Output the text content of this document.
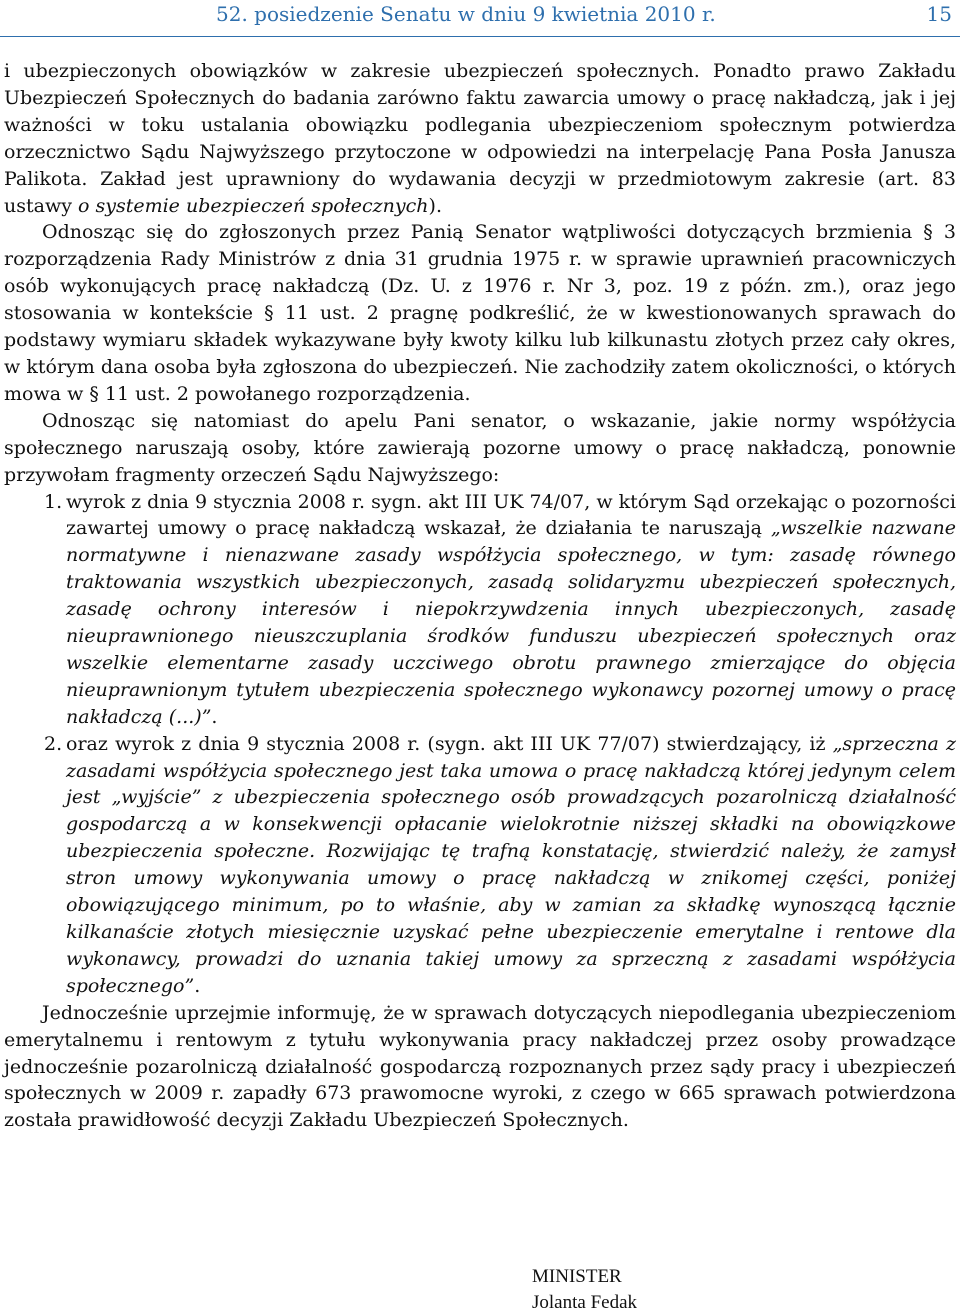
52. posiedzenie Senatu w dniu 9 kwietnia 2010 r.	15

i ubezpieczonych obowiązków w zakresie ubezpieczeń społecznych. Ponadto prawo Zakładu Ubezpieczeń Społecznych do badania zarówno faktu zawarcia umowy o pracę nakładczą, jak i jej ważności w toku ustalania obowiązku podlegania ubezpieczeniom społecznym potwierdza orzecznictwo Sądu Najwyższego przytoczone w odpowiedzi na interpelację Pana Posła Janusza Palikota. Zakład jest uprawniony do wydawania decyzji w przedmiotowym zakresie (art. 83 ustawy o systemie ubezpieczeń społecznych).

Odnosząc się do zgłoszonych przez Panią Senator wątpliwości dotyczących brzmienia § 3 rozporządzenia Rady Ministrów z dnia 31 grudnia 1975 r. w sprawie uprawnień pracowniczych osób wykonujących pracę nakładczą (Dz. U. z 1976 r. Nr 3, poz. 19 z późn. zm.), oraz jego stosowania w kontekście § 11 ust. 2 pragnę podkreślić, że w kwestionowanych sprawach do podstawy wymiaru składek wykazywane były kwoty kilku lub kilkunastu złotych przez cały okres, w którym dana osoba była zgłoszona do ubezpieczeń. Nie zachodziły zatem okoliczności, o których mowa w § 11 ust. 2 powołanego rozporządzenia.

Odnosząc się natomiast do apelu Pani senator, o wskazanie, jakie normy współżycia społecznego naruszają osoby, które zawierają pozorne umowy o pracę nakładczą, ponownie przywołam fragmenty orzeczeń Sądu Najwyższego:

1. wyrok z dnia 9 stycznia 2008 r. sygn. akt III UK 74/07, w którym Sąd orzekając o pozorności zawartej umowy o pracę nakładczą wskazał, że działania te naruszają „wszelkie nazwane normatywne i nienazwane zasady współżycia społecznego, w tym: zasadę równego traktowania wszystkich ubezpieczonych, zasadą solidaryzmu ubezpieczeń społecznych, zasadę ochrony interesów i niepokrzywdzenia innych ubezpieczonych, zasadę nieuprawnionego nieuszczuplania środków funduszu ubezpieczeń społecznych oraz wszelkie elementarne zasady uczciwego obrotu prawnego zmierzające do objęcia nieuprawnionym tytułem ubezpieczenia społecznego wykonawcy pozornej umowy o pracę nakładczą (...)”.

2. oraz wyrok z dnia 9 stycznia 2008 r. (sygn. akt III UK 77/07) stwierdzający, iż „sprzeczna z zasadami współżycia społecznego jest taka umowa o pracę nakładczą której jedynym celem jest „wyjście” z ubezpieczenia społecznego osób prowadzących pozarolniczą działalność gospodarczą a w konsekwencji opłacanie wielokrotnie niższej składki na obowiązkowe ubezpieczenia społeczne. Rozwijając tę trafną konstatację, stwierdzić należy, że zamysł stron umowy wykonywania umowy o pracę nakładczą w znikomej części, poniżej obowiązującego minimum, po to właśnie, aby w zamian za składkę wynoszącą łącznie kilkanaście złotych miesięcznie uzyskać pełne ubezpieczenie emerytalne i rentowe dla wykonawcy, prowadzi do uznania takiej umowy za sprzeczną z zasadami współżycia społecznego”.

Jednocześnie uprzejmie informuję, że w sprawach dotyczących niepodlegania ubezpieczeniom emerytalnemu i rentowym z tytułu wykonywania pracy nakładczej przez osoby prowadzące jednocześnie pozarolniczą działalność gospodarczą rozpoznanych przez sądy pracy i ubezpieczeń społecznych w 2009 r. zapadły 673 prawomocne wyroki, z czego w 665 sprawach potwierdzona została prawidłowość decyzji Zakładu Ubezpieczeń Społecznych.

MINISTER
Jolanta Fedak
